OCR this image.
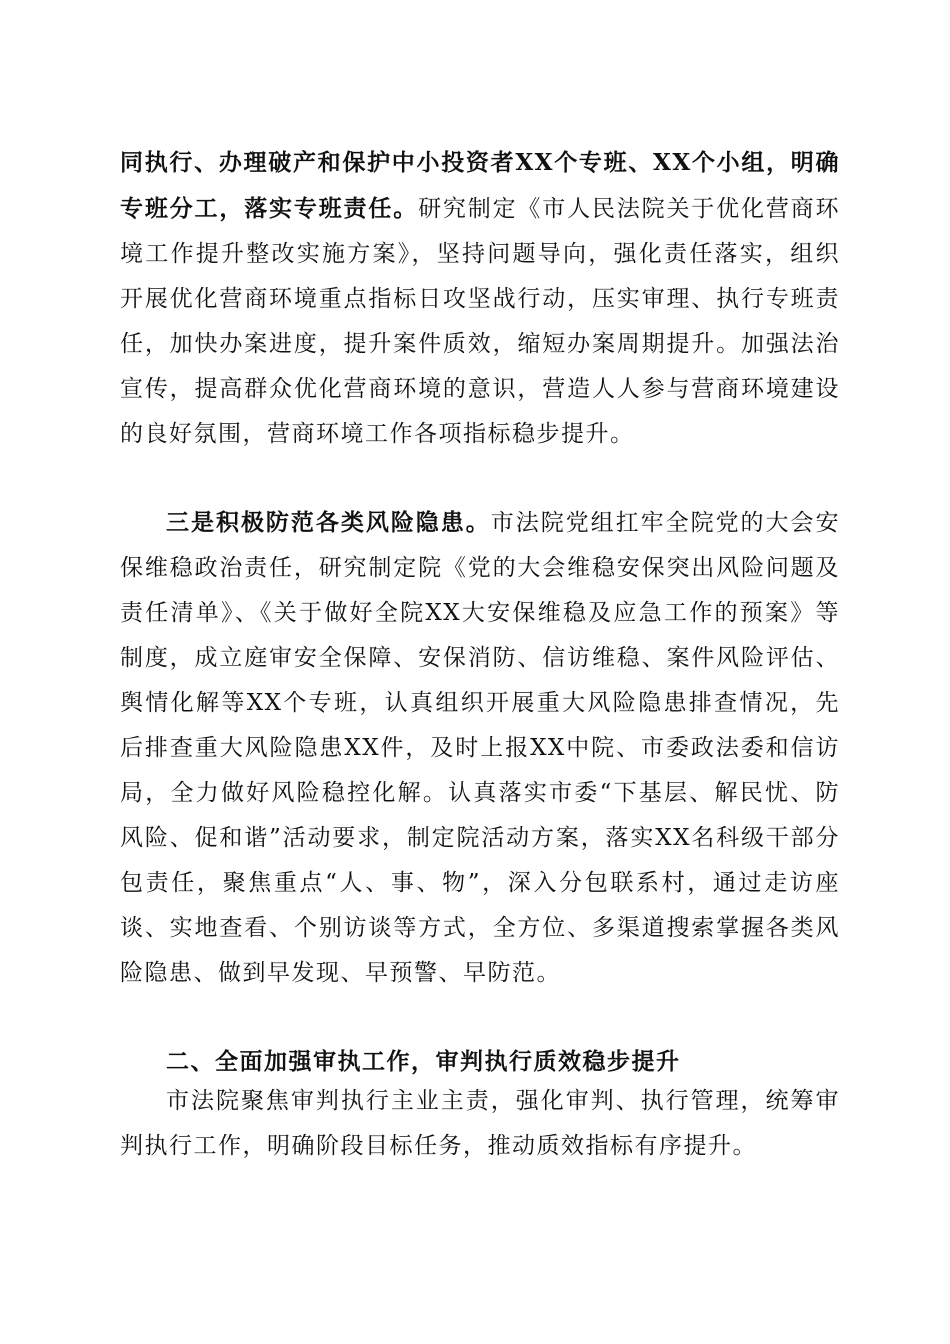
同执行、办理破产和保护中小投资者XX个专班、XX个小组，明确专班分工，落实专班责任。研究制定《市人民法院关于优化营商环境工作提升整改实施方案》，坚持问题导向，强化责任落实，组织开展优化营商环境重点指标日攻坚战行动，压实审理、执行专班责任，加快办案进度，提升案件质效，缩短办案周期提升。加强法治宣传，提高群众优化营商环境的意识，营造人人参与营商环境建设的良好氛围，营商环境工作各项指标稳步提升。

三是积极防范各类风险隐患。市法院党组扛牢全院党的大会安保维稳政治责任，研究制定院《党的大会维稳安保突出风险问题及责任清单》、《关于做好全院XX大安保维稳及应急工作的预案》等制度，成立庭审安全保障、安保消防、信访维稳、案件风险评估、舆情化解等XX个专班，认真组织开展重大风险隐患排查情况，先后排查重大风险隐患XX件，及时上报XX中院、市委政法委和信访局，全力做好风险稳控化解。认真落实市委“下基层、解民忧、防风险、促和谐”活动要求，制定院活动方案，落实XX名科级干部分包责任，聚焦重点“人、事、物”，深入分包联系村，通过走访座谈、实地查看、个别访谈等方式，全方位、多渠道搜索掌握各类风险隐患、做到早发现、早预警、早防范。

二、全面加强审执工作，审判执行质效稳步提升

市法院聚焦审判执行主业主责，强化审判、执行管理，统筹审判执行工作，明确阶段目标任务，推动质效指标有序提升。
